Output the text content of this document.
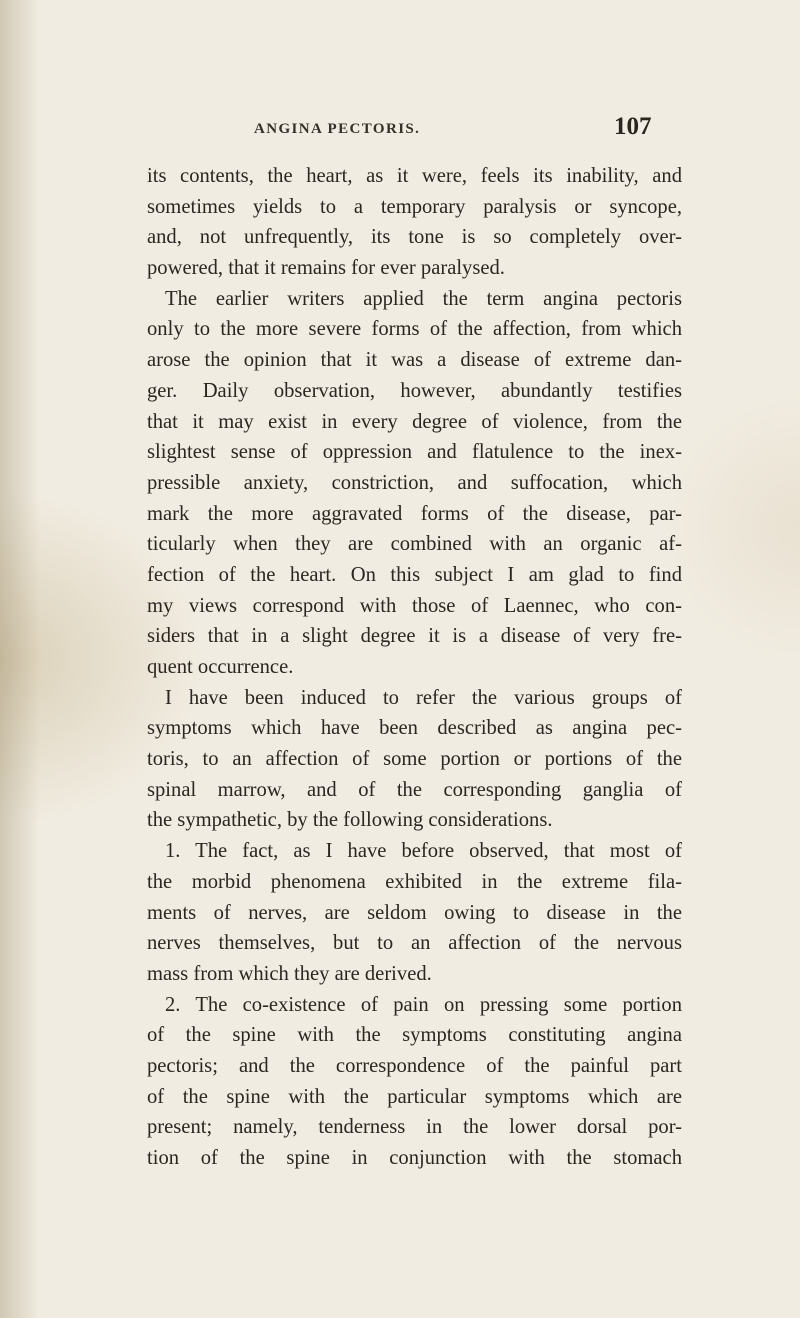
ANGINA PECTORIS.	107
its contents, the heart, as it were, feels its inability, and
sometimes yields to a temporary paralysis or syncope,
and, not unfrequently, its tone is so completely over-
powered, that it remains for ever paralysed.
The earlier writers applied the term angina pectoris
only to the more severe forms of the affection, from which
arose the opinion that it was a disease of extreme dan-
ger. Daily observation, however, abundantly testifies
that it may exist in every degree of violence, from the
slightest sense of oppression and flatulence to the inex-
pressible anxiety, constriction, and suffocation, which
mark the more aggravated forms of the disease, par-
ticularly when they are combined with an organic af-
fection of the heart. On this subject I am glad to find
my views correspond with those of Laennec, who con-
siders that in a slight degree it is a disease of very fre-
quent occurrence.
I have been induced to refer the various groups of
symptoms which have been described as angina pec-
toris, to an affection of some portion or portions of the
spinal marrow, and of the corresponding ganglia of
the sympathetic, by the following considerations.
1. The fact, as I have before observed, that most of
the morbid phenomena exhibited in the extreme fila-
ments of nerves, are seldom owing to disease in the
nerves themselves, but to an affection of the nervous
mass from which they are derived.
2. The co-existence of pain on pressing some portion
of the spine with the symptoms constituting angina
pectoris; and the correspondence of the painful part
of the spine with the particular symptoms which are
present; namely, tenderness in the lower dorsal por-
tion of the spine in conjunction with the stomach
